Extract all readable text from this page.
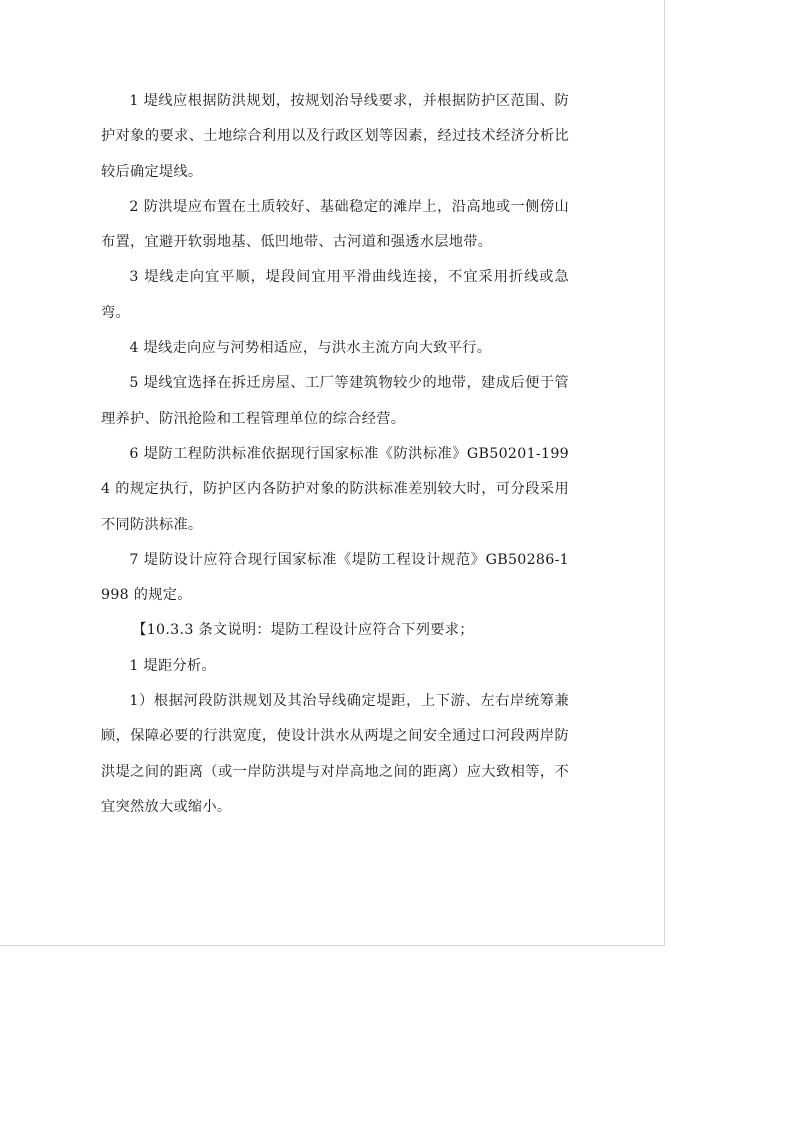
1 堤线应根据防洪规划，按规划治导线要求，并根据防护区范围、防护对象的要求、土地综合利用以及行政区划等因素，经过技术经济分析比较后确定堤线。

2 防洪堤应布置在土质较好、基础稳定的滩岸上，沿高地或一侧傍山布置，宜避开软弱地基、低凹地带、古河道和强透水层地带。

3 堤线走向宜平顺，堤段间宜用平滑曲线连接，不宜采用折线或急弯。

4 堤线走向应与河势相适应，与洪水主流方向大致平行。

5 堤线宜选择在拆迁房屋、工厂等建筑物较少的地带，建成后便于管理养护、防汛抢险和工程管理单位的综合经营。

6 堤防工程防洪标准依据现行国家标准《防洪标准》GB50201-1994 的规定执行，防护区内各防护对象的防洪标准差别较大时，可分段采用不同防洪标准。

7 堤防设计应符合现行国家标准《堤防工程设计规范》GB50286-1998 的规定。

【10.3.3 条文说明：堤防工程设计应符合下列要求；

1 堤距分析。

1）根据河段防洪规划及其治导线确定堤距，上下游、左右岸统筹兼顾，保障必要的行洪宽度，使设计洪水从两堤之间安全通过口河段两岸防洪堤之间的距离（或一岸防洪堤与对岸高地之间的距离）应大致相等，不宜突然放大或缩小。
